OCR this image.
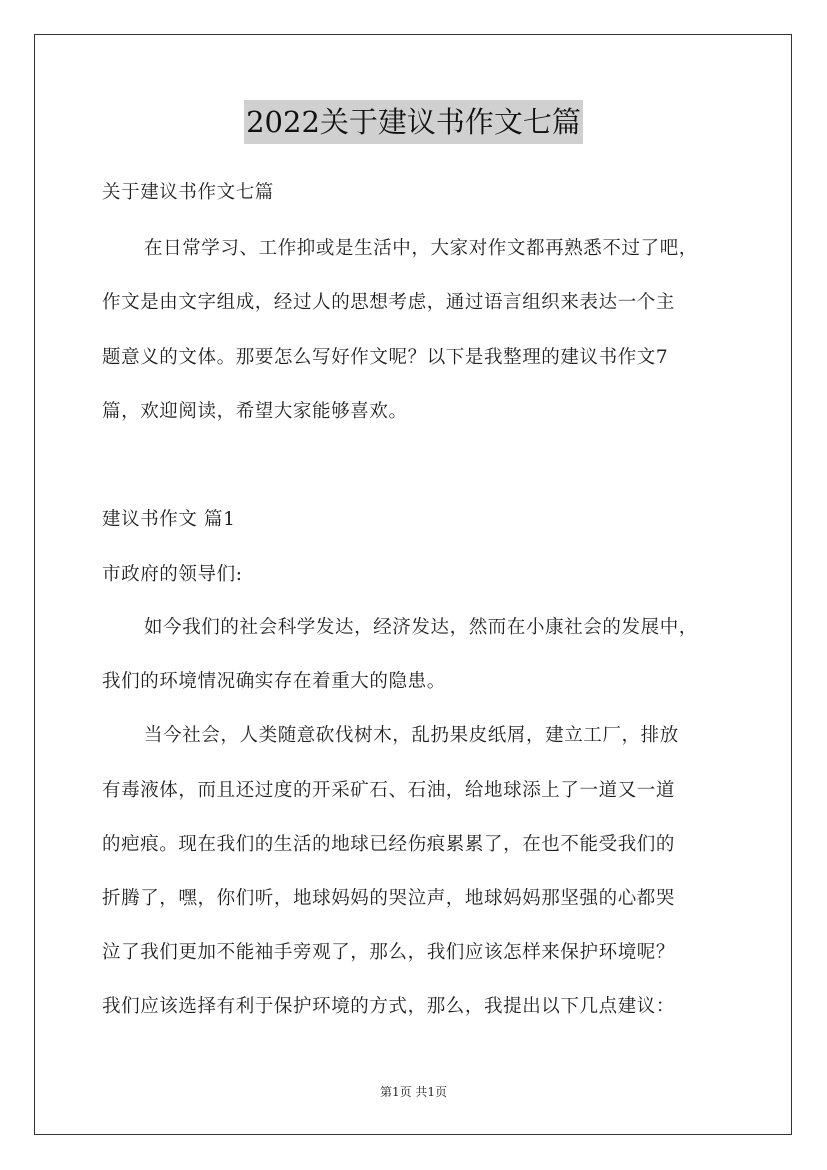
2022关于建议书作文七篇
关于建议书作文七篇
在日常学习、工作抑或是生活中，大家对作文都再熟悉不过了吧，
作文是由文字组成，经过人的思想考虑，通过语言组织来表达一个主
题意义的文体。那要怎么写好作文呢？以下是我整理的建议书作文7
篇，欢迎阅读，希望大家能够喜欢。
建议书作文 篇1
市政府的领导们:
如今我们的社会科学发达，经济发达，然而在小康社会的发展中，
我们的环境情况确实存在着重大的隐患。
当今社会，人类随意砍伐树木，乱扔果皮纸屑，建立工厂，排放
有毒液体，而且还过度的开采矿石、石油，给地球添上了一道又一道
的疤痕。现在我们的生活的地球已经伤痕累累了，在也不能受我们的
折腾了，嘿，你们听，地球妈妈的哭泣声，地球妈妈那坚强的心都哭
泣了我们更加不能袖手旁观了，那么，我们应该怎样来保护环境呢？
我们应该选择有利于保护环境的方式，那么，我提出以下几点建议：
第1页 共1页
